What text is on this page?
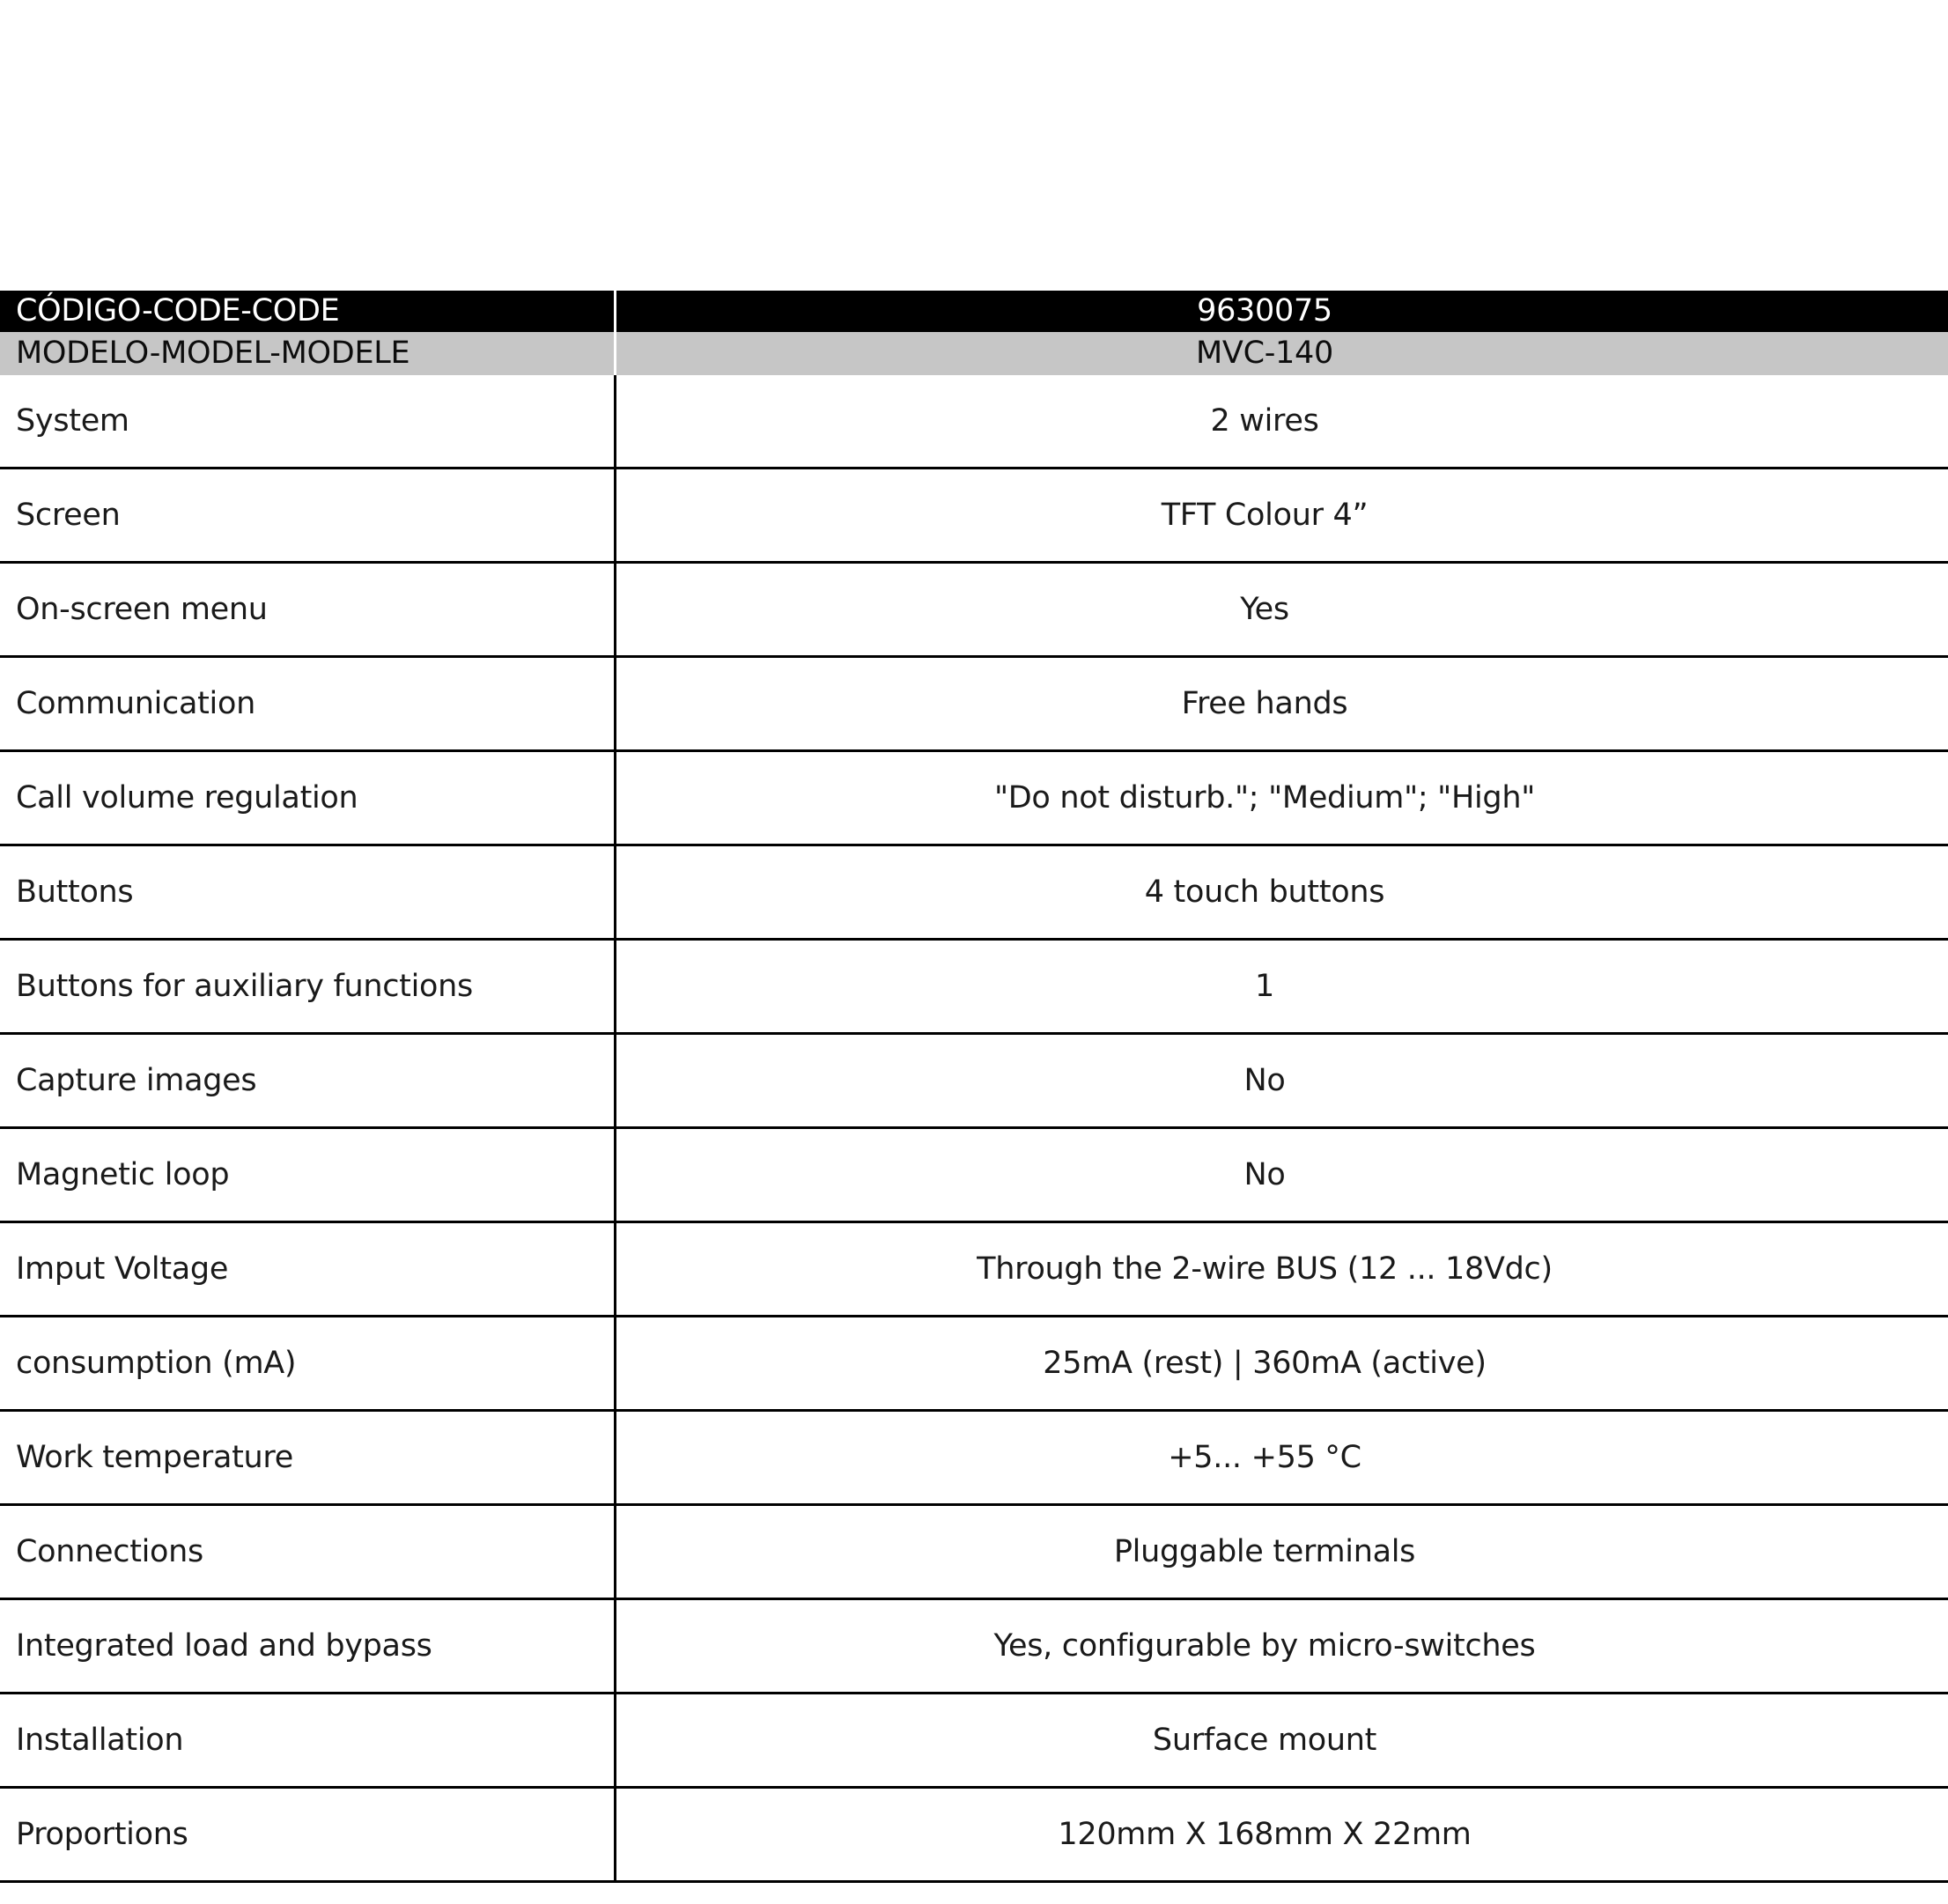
CÓDIGO-CODE-CODE	9630075
MODELO-MODEL-MODELE	MVC-140
System	2 wires
Screen	TFT Colour 4”
On-screen menu	Yes
Communication	Free hands
Call volume regulation	"Do not disturb."; "Medium"; "High"
Buttons	4 touch buttons
Buttons for auxiliary functions	1
Capture images	No
Magnetic loop	No
Imput Voltage	Through the 2-wire BUS (12 ... 18Vdc)
consumption (mA)	25mA (rest) | 360mA (active)
Work temperature	+5... +55 °C
Connections	Pluggable terminals
Integrated load and bypass	Yes, configurable by micro-switches
Installation	Surface mount
Proportions	120mm X 168mm X 22mm
